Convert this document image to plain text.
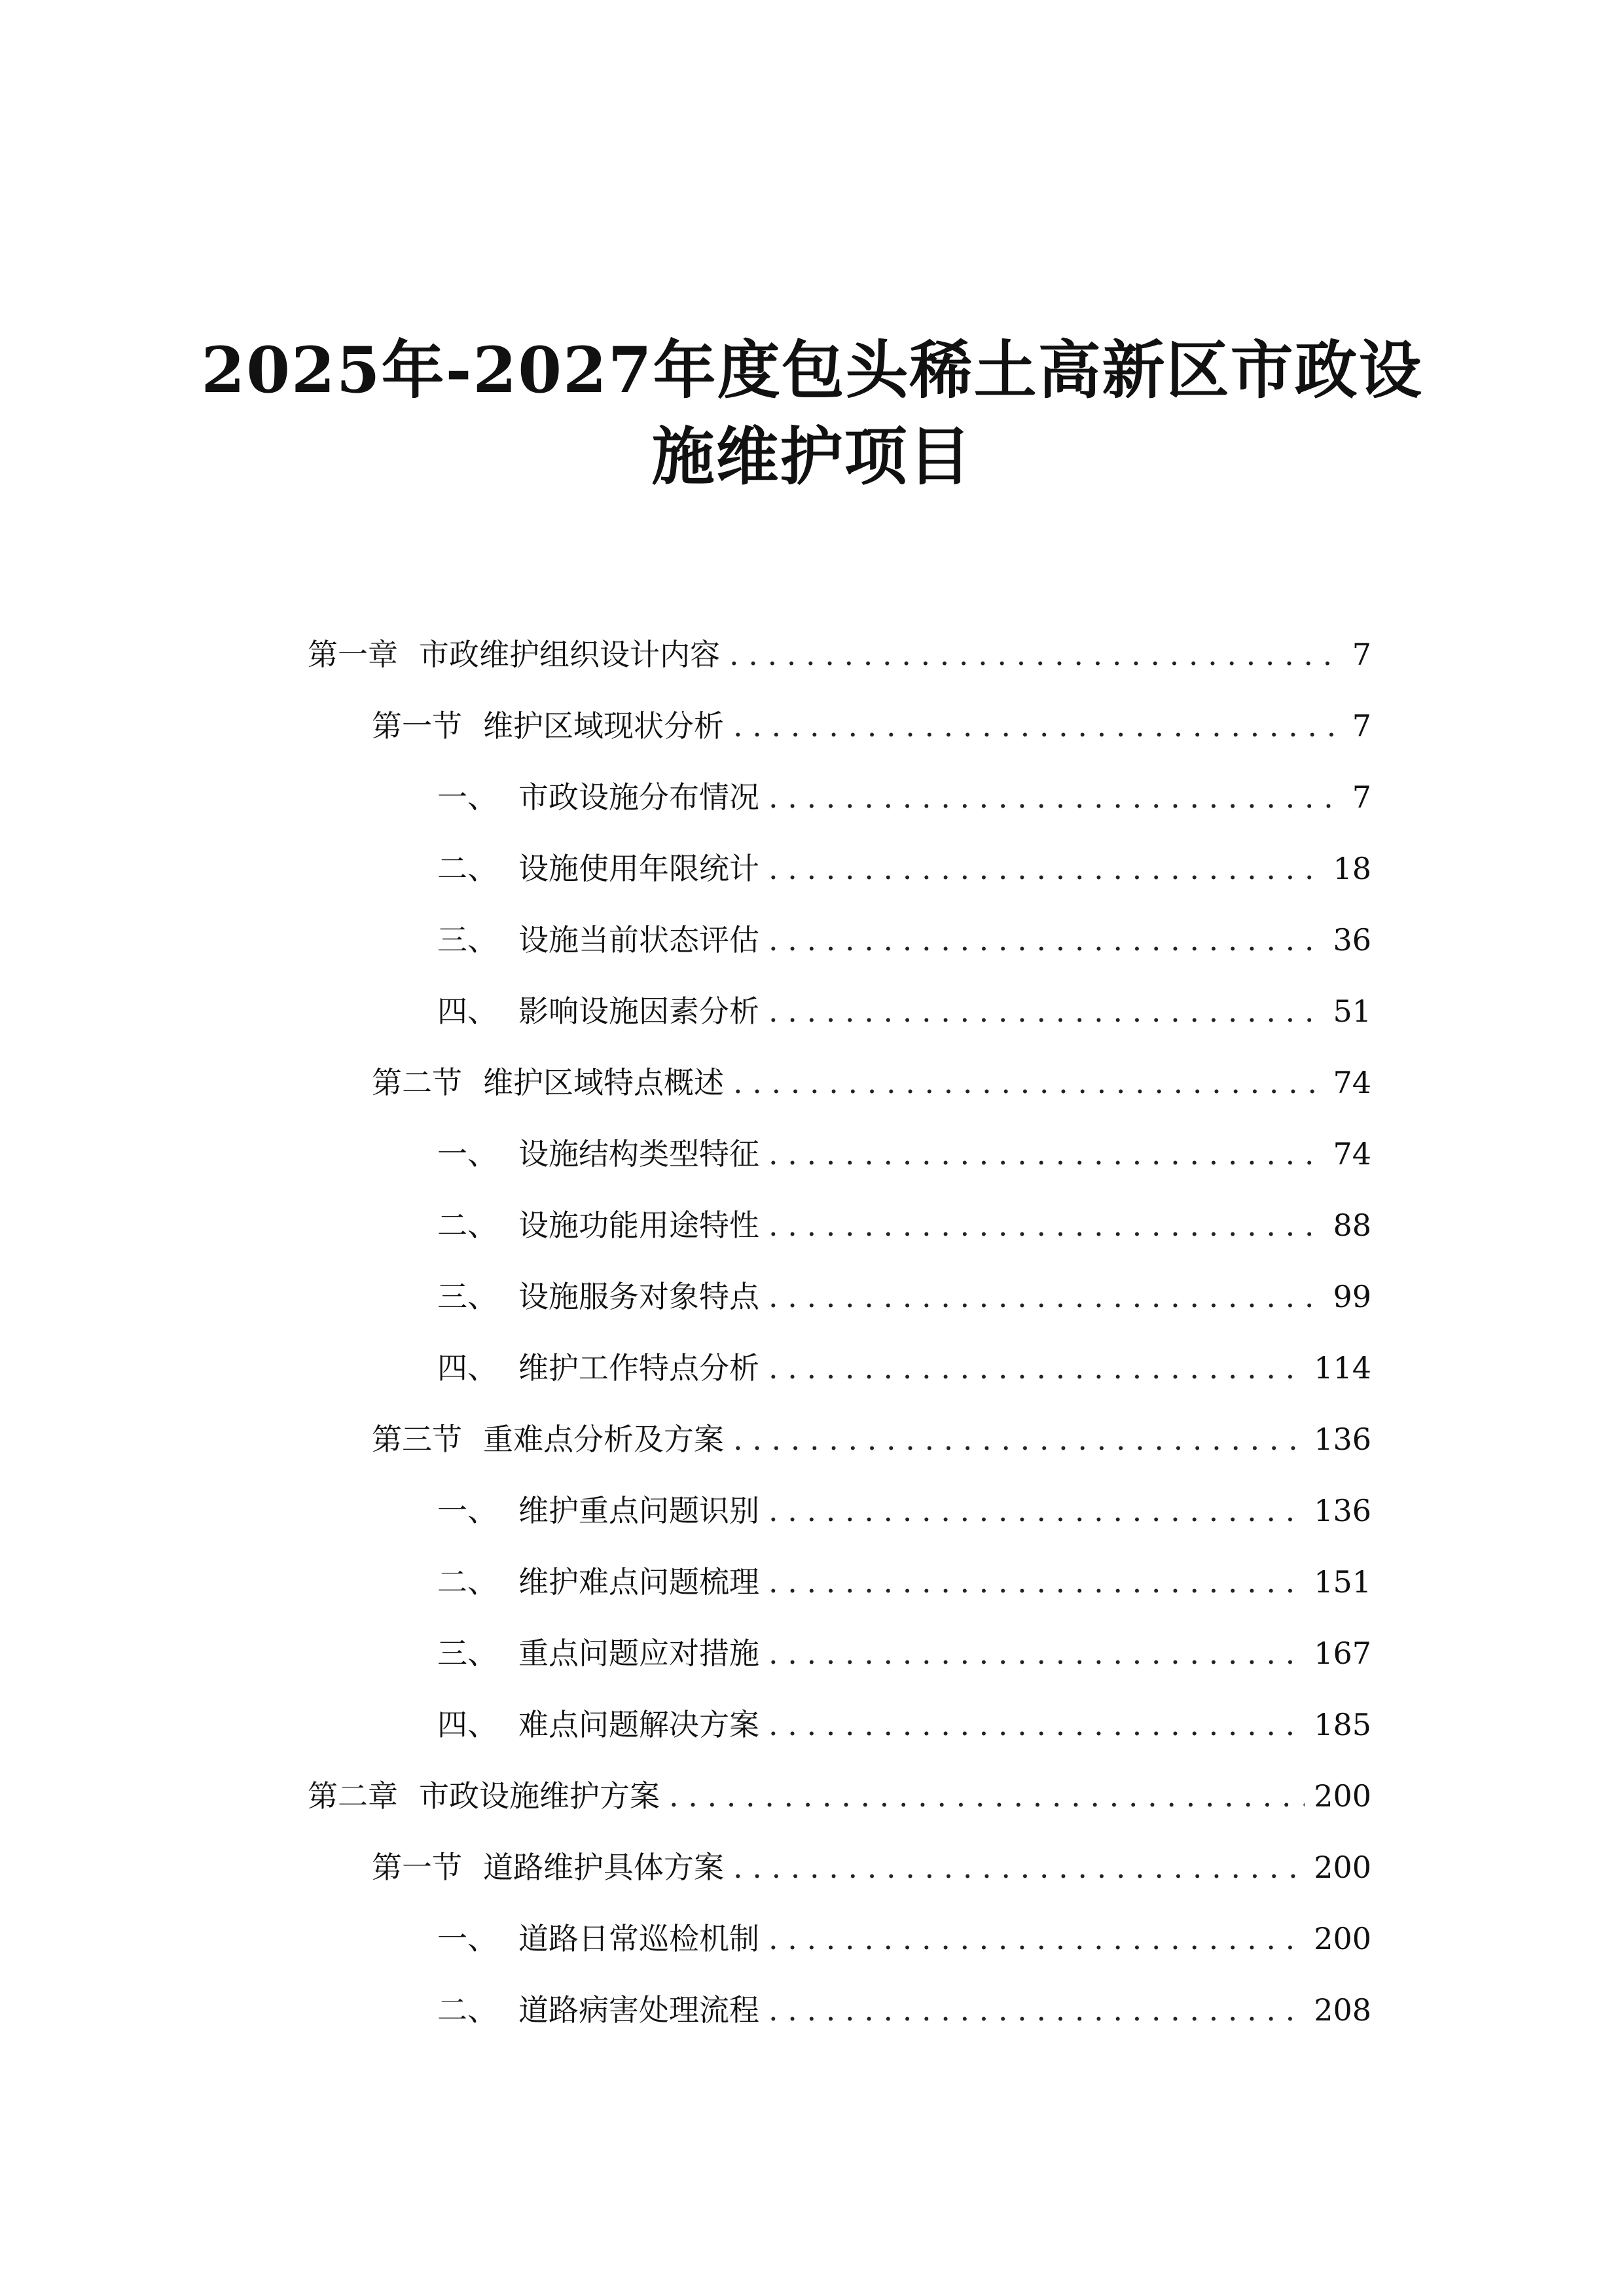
2025年-2027年度包头稀土高新区市政设
施维护项目
第一章 市政维护组织设计内容 . . .	7
第一节 维护区域现状分析 . . .	7
一、 市政设施分布情况 . . .	7
二、 设施使用年限统计 . . .	18
三、 设施当前状态评估 . . .	36
四、 影响设施因素分析 . . .	51
第二节 维护区域特点概述 . . .	74
一、 设施结构类型特征 . . .	74
二、 设施功能用途特性 . . .	88
三、 设施服务对象特点 . . .	99
四、 维护工作特点分析 . . .	114
第三节 重难点分析及方案 . . .	136
一、 维护重点问题识别 . . .	136
二、 维护难点问题梳理 . . .	151
三、 重点问题应对措施 . . .	167
四、 难点问题解决方案 . . .	185
第二章 市政设施维护方案 . . .	200
第一节 道路维护具体方案 . . .	200
一、 道路日常巡检机制 . . .	200
二、 道路病害处理流程 . . .	208
